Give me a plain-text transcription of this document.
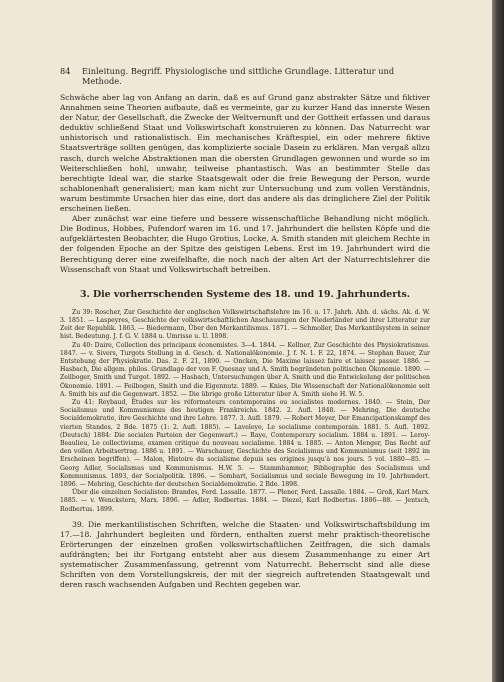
84	Einleitung. Begriff. Physiologische und sittliche Grundlage. Litteratur und Methode.

Schwäche aber lag von Anfang an darin, daß es auf Grund ganz abstrakter Sätze und fiktiver Annahmen seine Theorien aufbaute, daß es vermeinte, gar zu kurzer Hand das innerste Wesen der Natur, der Gesellschaft, die Zwecke der Weltvernunft und der Gottheit erfassen und daraus deduktiv schließend Staat und Volkswirtschaft konstruieren zu können. Das Naturrecht war unhistorisch und rationalistisch. Ein mechanisches Kräftespiel, ein oder mehrere fiktive Staatsverträge sollten genügen, das komplizierte sociale Dasein zu erklären. Man vergaß allzu rasch, durch welche Abstraktionen man die obersten Grundlagen gewonnen und wurde so im Weiterschließen hohl, unwahr, teilweise phantastisch. Was an bestimmter Stelle das berechtigte Ideal war, die starke Staatsgewalt oder die freie Bewegung der Person, wurde schablonenhaft generalisiert; man kam nicht zur Untersuchung und zum vollen Verständnis, warum bestimmte Ursachen hier das eine, dort das andere als das dringlichere Ziel der Politik erscheinen ließen.

Aber zunächst war eine tiefere und bessere wissenschaftliche Behandlung nicht möglich. Die Bodinus, Hobbes, Pufendorf waren im 16. und 17. Jahrhundert die hellsten Köpfe und die aufgeklärtesten Beobachter, die Hugo Grotius, Locke, A. Smith standen mit gleichem Rechte in der folgenden Epoche an der Spitze des geistigen Lebens. Erst im 19. Jahrhundert wird die Berechtigung derer eine zweifelhafte, die noch nach der alten Art der Naturrechtslehrer die Wissenschaft von Staat und Volkswirtschaft betreiben.

3. Die vorherrschenden Systeme des 18. und 19. Jahrhunderts.

Zu 39: Roscher, Zur Geschichte der englischen Volkswirtschaftslehre im 16. u. 17. Jahrh. Abh. d. sächs. Ak. d. W. 3. 1851. — Laspeyres, Geschichte der volkswirtschaftlichen Anschauungen der Niederländer und ihrer Litteratur zur Zeit der Republik. 1863. — Biedermann, Über den Merkantilismus. 1871. — Schmoller, Das Merkantilsystem in seiner hist. Bedeutung. J. f. G. V. 1884 u. Umrisse u. U. 1898.

Zu 40: Daire, Collection des principaux économistes. 3—4. 1844. — Kellner, Zur Geschichte des Physiokratismus. 1847. — v. Sivers, Turgots Stellung in d. Gesch. d. Nationalökonomie. J. f. N. 1. F. 22, 1874. — Stephan Bauer, Zur Entstehung der Physiokratie. Das. 2. F. 21, 1890. — Oncken, Die Maxime laissez faire et laissez passer. 1886. — Hasbach, Die allgem. philos. Grundlage der von F. Quesnay und A. Smith begründeten politischen Ökonomie. 1890. — Zeilboger, Smith und Turgot. 1892. — Hasbach, Untersuchungen über A. Smith und die Entwickelung der politischen Ökonomie. 1891. — Feilbogen, Smith und die Eigennutz. 1889. — Knies, Die Wissenschaft der Nationalökonomie seit A. Smith bis auf die Gegenwart. 1852. — Die übrige große Litteratur über A. Smith siehe H. W. 5.

Zu 41: Reybaud, Études sur les réformateurs contemporains ou socialistes modernes. 1840. — Stein, Der Socialismus und Kommunismus des heutigen Frankreichs. 1842. 2. Aufl. 1848. — Mehring, Die deutsche Socialdemokratie, ihre Geschichte und ihre Lehre. 1877. 3. Aufl. 1879. — Robert Meyer, Der Emancipationskampf des vierten Standes. 2 Bde. 1875 (1: 2. Aufl. 1885). — Laveleye, Le socialisme contemporain. 1881. 5. Aufl. 1892. (Deutsch) 1884: Die socialen Parteien der Gegenwart.) — Raye, Contemporary socialism. 1884 u. 1891. — Leroy-Beaulieu, Le collectivisme, examen critique du nouveau socialisme. 1884 u. 1885. — Anton Menger, Das Recht auf den vollen Arbeitsertrag. 1886 u. 1891. — Warschauer, Geschichte des Socialismus und Kommunismus (seit 1892 im Erscheinen begriffen). — Malon, Histoire du socialisme depuis ses origines jusqu'à nos jours. 5 vol. 1880—85. — Georg Adler, Socialismus und Kommunismus. H.W. 5. — Stammhammer, Bibliographie des Socialismus und Kommunismus. 1893, der Socialpolitik. 1896. — Sombart, Socialismus und sociale Bewegung im 19. Jahrhundert. 1896. — Mehring, Geschichte der deutschen Socialdemokratie. 2 Bde. 1898.

Über die einzelnen Socialisten: Brandes, Ferd. Lassalle. 1877. — Plener, Ferd. Lassalle. 1884. — Groß, Karl Marx. 1885. — v. Wenckstern, Marx. 1896. — Adler, Rodbertus. 1884. — Diezel, Karl Rodbertus. 1886—88. — Jentsch, Rodbertus. 1899.

39. Die merkantilistischen Schriften, welche die Staaten- und Volkswirtschaftsbildung im 17.—18. Jahrhundert begleiten und fördern, enthalten zuerst mehr praktisch-theoretische Erörterungen der einzelnen großen volkswirtschaftlichen Zeitfragen, die sich damals aufdrängten; bei ihr Fortgang entsteht aber aus diesem Zusammenhange zu einer Art systematischer Zusammenfassung, getrennt vom Naturrecht. Beherrscht sind alle diese Schriften von dem Vorstellungskreis, der mit der siegreich auftretenden Staatsgewalt und deren rasch wachsenden Aufgaben und Rechten gegeben war.
